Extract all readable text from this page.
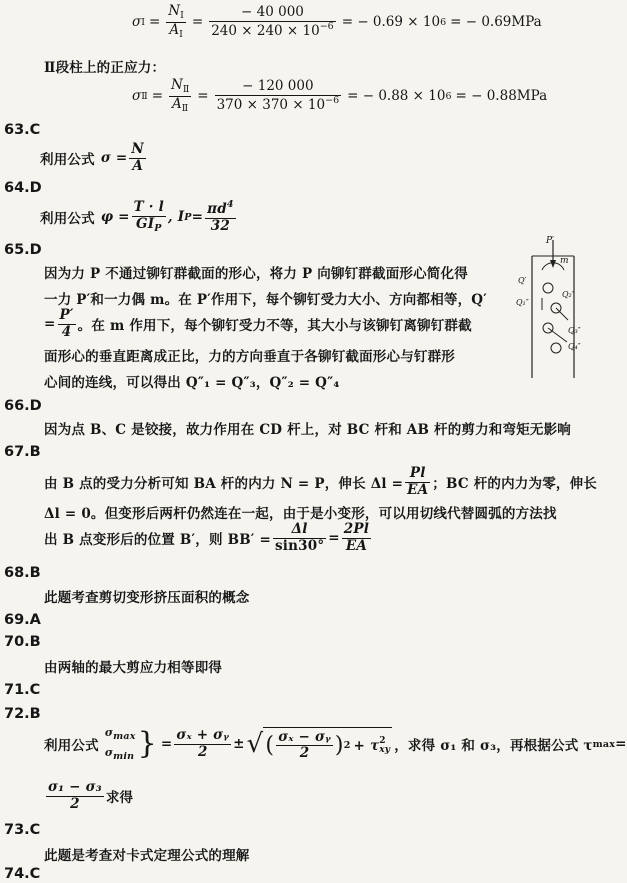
σ Ⅰ = $\frac{N_Ⅰ}{A_Ⅰ} = \frac{- 40 000}{240 \times 240 \times 10^{-6}}$ = − 0.69 × 10 6 = − 0.69MPa
Ⅱ段柱上的正应力：
σ Ⅱ = $\frac{N_Ⅱ}{A_Ⅱ} = \frac{- 120 000}{370 \times 370 \times 10^{-6}}$ = − 0.88 × 10 6 = − 0.88MPa
63.C
利用公式 $\sigma = \frac{N}{A}$
64.D
利用公式 $\varphi = \frac{T \cdot l}{GI_P}$ , I $P = \frac{\pi d^4}{32}$
65.D
因为力 P 不通过铆钉群截面的形心，将力 P 向铆钉群截面形心简化得
一力 P′和一力偶 m。在 P′作用下，每个铆钉受力大小、方向都相等，Q′
= $\frac{P'}{4}$ 。在 m 作用下，每个铆钉受力不等，其大小与该铆钉离铆钉群截
面形心的垂直距离成正比，力的方向垂直于各铆钉截面形心与钉群形
心间的连线，可以得出 Q″₁ = Q″₃，Q″₂ = Q″₄
P′
m
Q′
Q₁″
Q₂″
Q₃″
Q₄″
66.D
因为点 B、C 是铰接，故力作用在 CD 杆上，对 BC 杆和 AB 杆的剪力和弯矩无影响
67.B
由 B 点的受力分析可知 BA 杆的内力 N = P，伸长 $\Delta l = \frac{Pl}{EA}$ ；BC 杆的内力为零，伸长
Δl = 0。但变形后两杆仍然连在一起，由于是小变形，可以用切线代替圆弧的方法找
出 B 点变形后的位置 B′，则 $BB' = \frac{\Delta l}{\sin 30^\circ} = \frac{2Pl}{EA}$
68.B
此题考查剪切变形挤压面积的概念
69.A
70.B
由两轴的最大剪应力相等即得
71.C
72.B
利用公式
σmax
σmin } = $\frac{\text{σₓ + σᵧ}}{2}$ ± √ ( $\frac{\text{σₓ − σᵧ}}{2}$ ) 2 + τ 2
xy ，求得 σ₁ 和 σ₃，再根据公式 τ max =
$\frac{\text{σ₁ − σ₃}}{2}$ 求得
73.C
此题是考查对卡式定理公式的理解
74.C
